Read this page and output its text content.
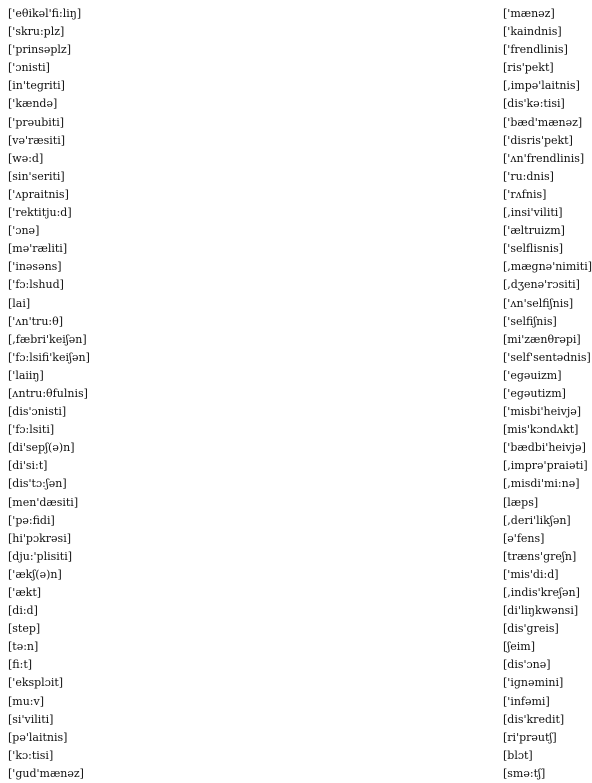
['eθikəl'fi:liŋ]
['skru:plz]
['prinsəplz]
['ɔnisti]
[in'tegriti]
['kændə]
['prəubiti]
[və'ræsiti]
[wə:d]
[sin'seriti]
['ʌpraitnis]
['rektitju:d]
['ɔnə]
[mə'ræliti]
['inəsəns]
['fɔ:lshud]
[lai]
['ʌn'tru:θ]
[,fæbri'keiʃən]
['fɔ:lsifi'keiʃən]
['laiiŋ]
[ʌntru:θfulnis]
[dis'ɔnisti]
['fɔ:lsiti]
[di'sepʃ(ə)n]
[di'si:t]
[dis'tɔ:ʃən]
[men'dæsiti]
['pə:fidi]
[hi'pɔkrəsi]
[dju:'plisiti]
['ækʃ(ə)n]
['ækt]
[di:d]
[step]
[tə:n]
[fi:t]
['eksplɔit]
[mu:v]
[si'viliti]
[pə'laitnis]
['kɔ:tisi]
['gud'mænəz]
['mænəz]
['kaindnis]
['frendlinis]
[ris'pekt]
[,impə'laitnis]
[dis'kə:tisi]
['bæd'mænəz]
['disris'pekt]
['ʌn'frendlinis]
['ru:dnis]
['rʌfnis]
[,insi'viliti]
['æltruizm]
['selflisnis]
[,mægnə'nimiti]
[,dʒenə'rɔsiti]
['ʌn'selfiʃnis]
['selfiʃnis]
[mi'zænθrəpi]
['self'sentədnis]
['egəuizm]
['egəutizm]
['misbi'heivjə]
[mis'kɔndʌkt]
['bædbi'heivjə]
[,imprə'praiəti]
[,misdi'mi:nə]
[læps]
[,deri'likʃən]
[ə'fens]
[træns'greʃn]
['mis'di:d]
[,indis'kreʃən]
[di'liŋkwənsi]
[dis'greis]
[ʃeim]
[dis'ɔnə]
['ignəmini]
['infəmi]
[dis'kredit]
[ri'prəutʃ]
[blɔt]
[smə:tʃ]
